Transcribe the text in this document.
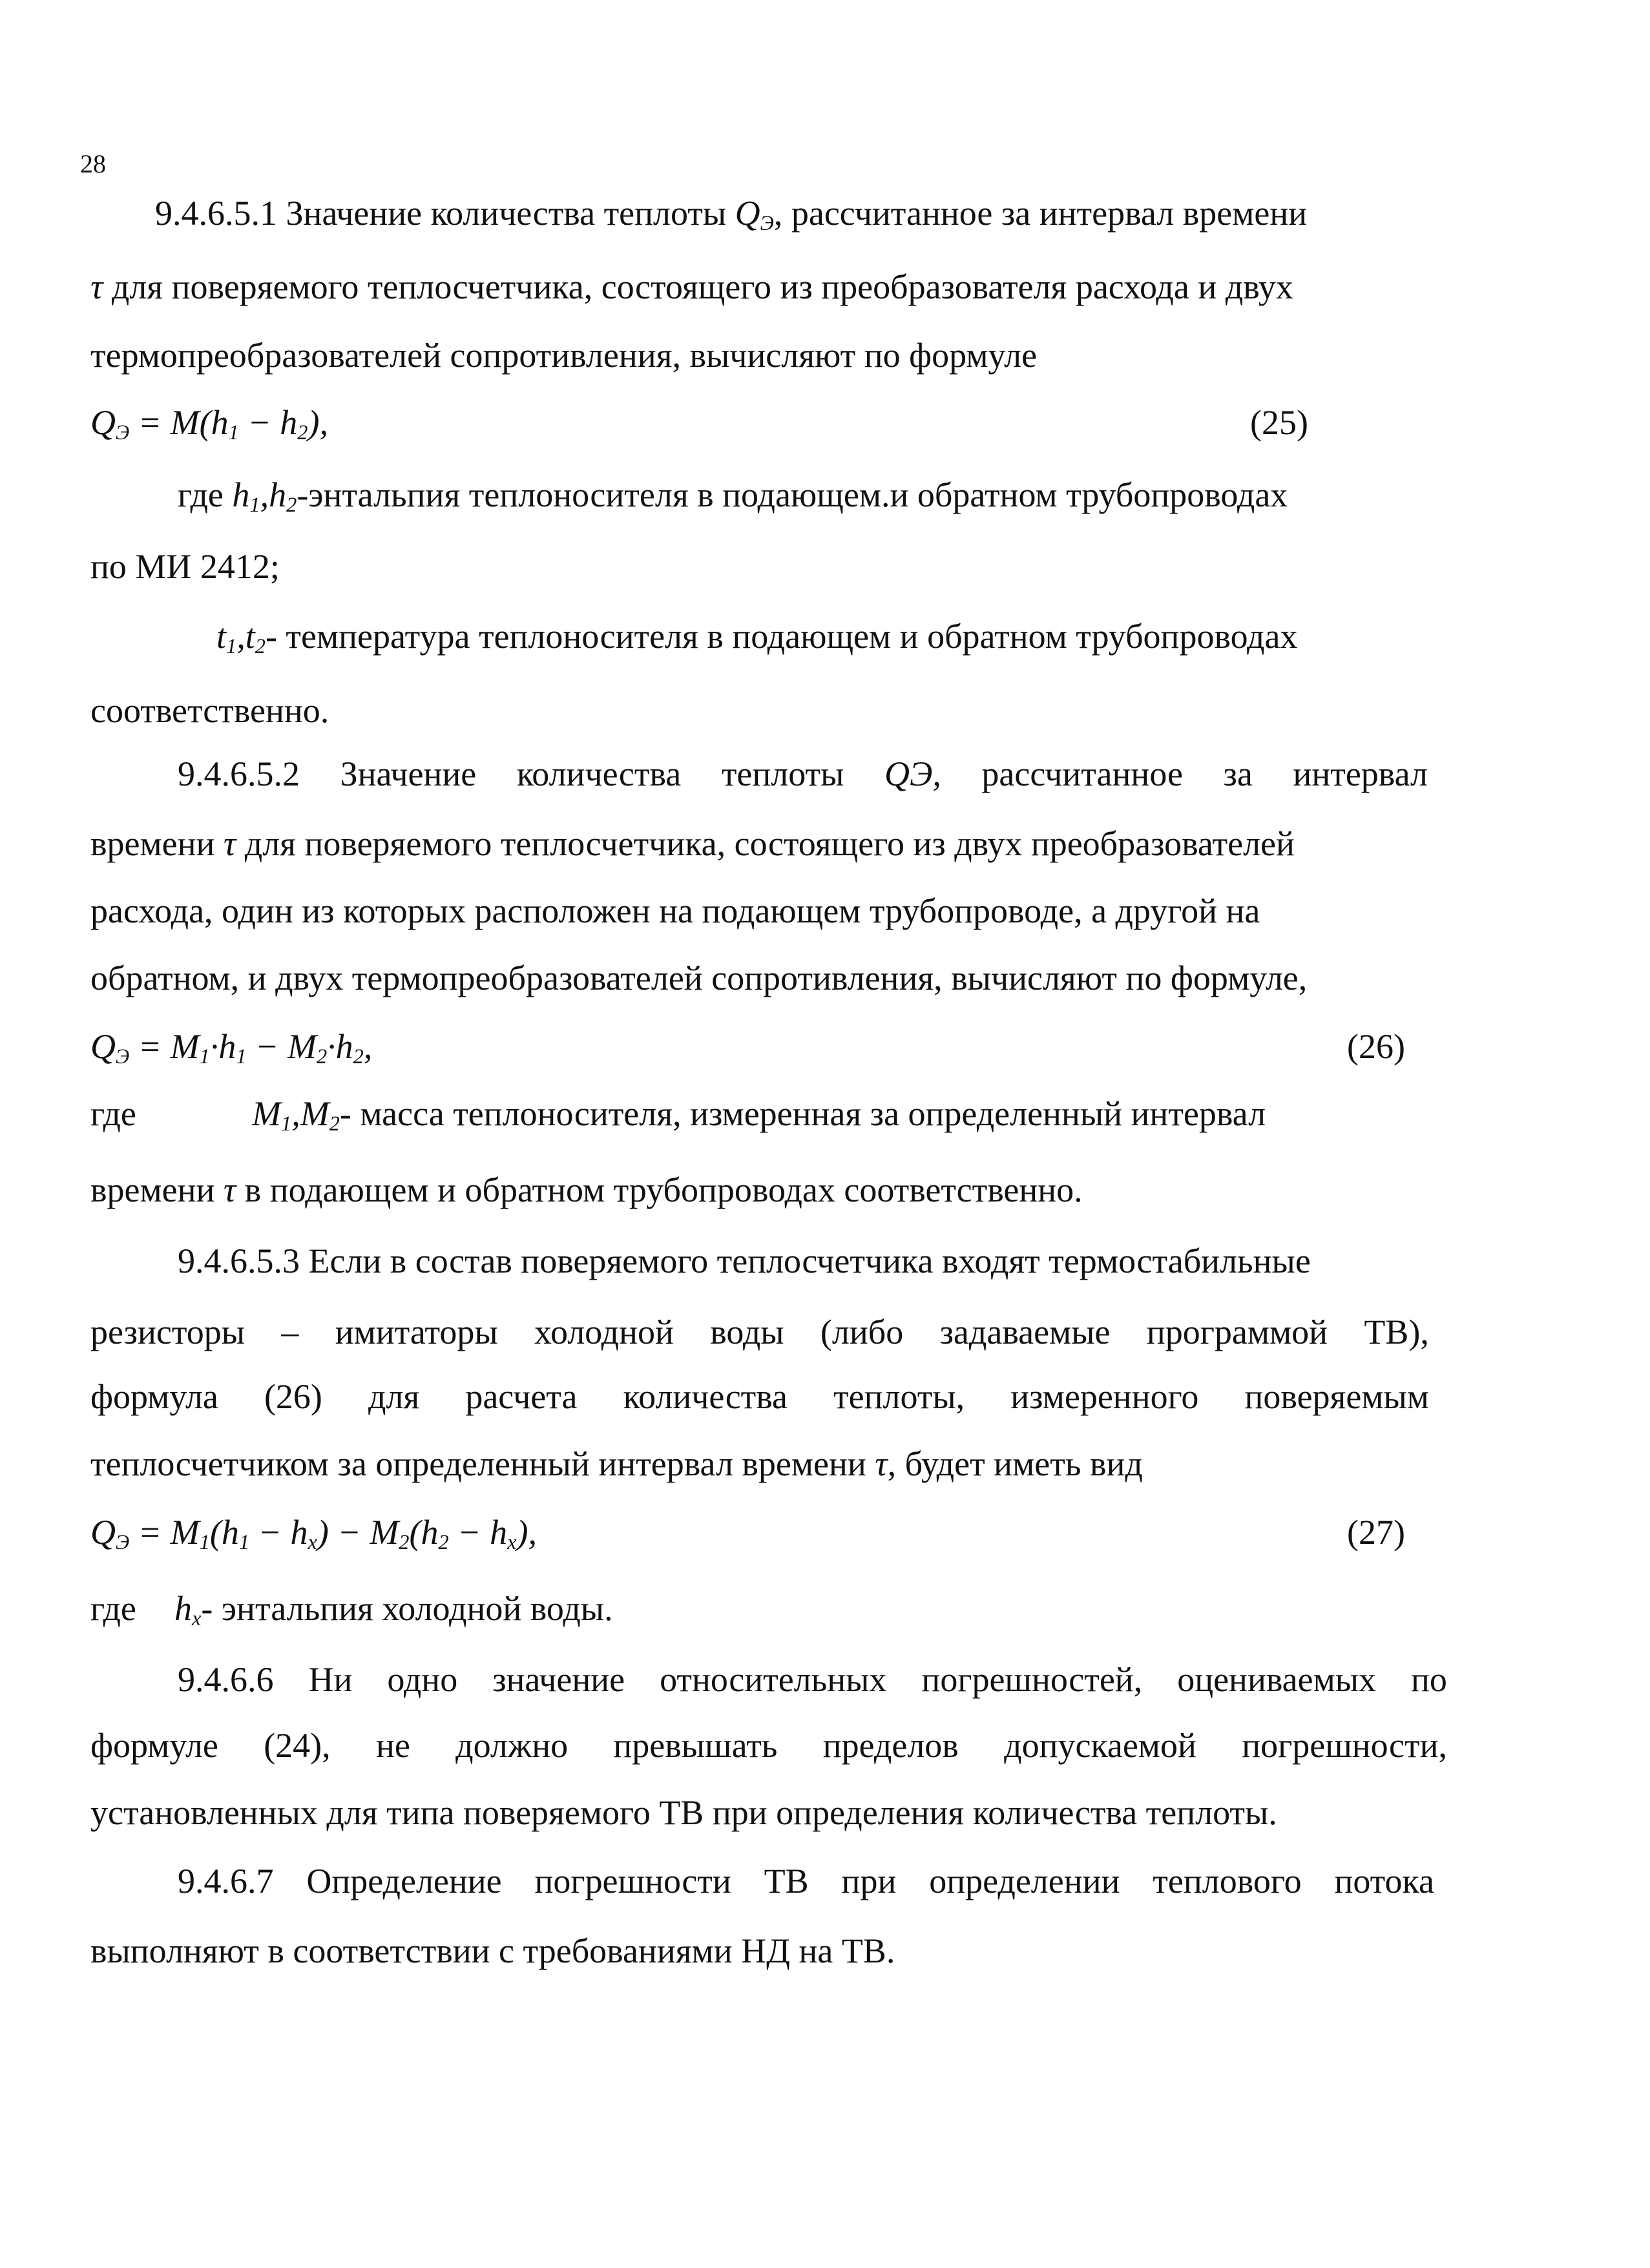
28
9.4.6.5.1 Значение количества теплоты $Q_Э$, рассчитанное за интервал времени
τ для поверяемого теплосчетчика, состоящего из преобразователя расхода и двух
термопреобразователей сопротивления, вычисляют по формуле
$Q_Э = M(h_1 - h_2)$,	(25)
где $h_1,h_2$-энтальпия теплоносителя в подающем.и обратном трубопроводах
по МИ 2412;
$t_1,t_2-$ температура теплоносителя в подающем и обратном трубопроводах
соответственно.
9.4.6.5.2 Значение количества теплоты QЭ, рассчитанное за интервал
времени τ для поверяемого теплосчетчика, состоящего из двух преобразователей
расхода, один из которых расположен на подающем трубопроводе, а другой на
обратном, и двух термопреобразователей сопротивления, вычисляют по формуле,
$Q_Э = M_1\cdot h_1 - M_2\cdot h_2$,	(26)
где	$M_1,M_2-$ масса теплоносителя, измеренная за определенный интервал
времени τ в подающем и обратном трубопроводах соответственно.
9.4.6.5.3 Если в состав поверяемого теплосчетчика входят термостабильные
резисторы – имитаторы холодной воды (либо задаваемые программой ТВ),
формула (26) для расчета количества теплоты, измеренного поверяемым
теплосчетчиком за определенный интервал времени τ, будет иметь вид
$Q_Э = M_1(h_1 - h_x) - M_2(h_2 - h_x)$,	(27)
где $h_x-$ энтальпия холодной воды.
9.4.6.6 Ни одно значение относительных погрешностей, оцениваемых по
формуле (24), не должно превышать пределов допускаемой погрешности,
установленных для типа поверяемого ТВ при определения количества теплоты.
9.4.6.7 Определение погрешности ТВ при определении теплового потока
выполняют в соответствии с требованиями НД на ТВ.
